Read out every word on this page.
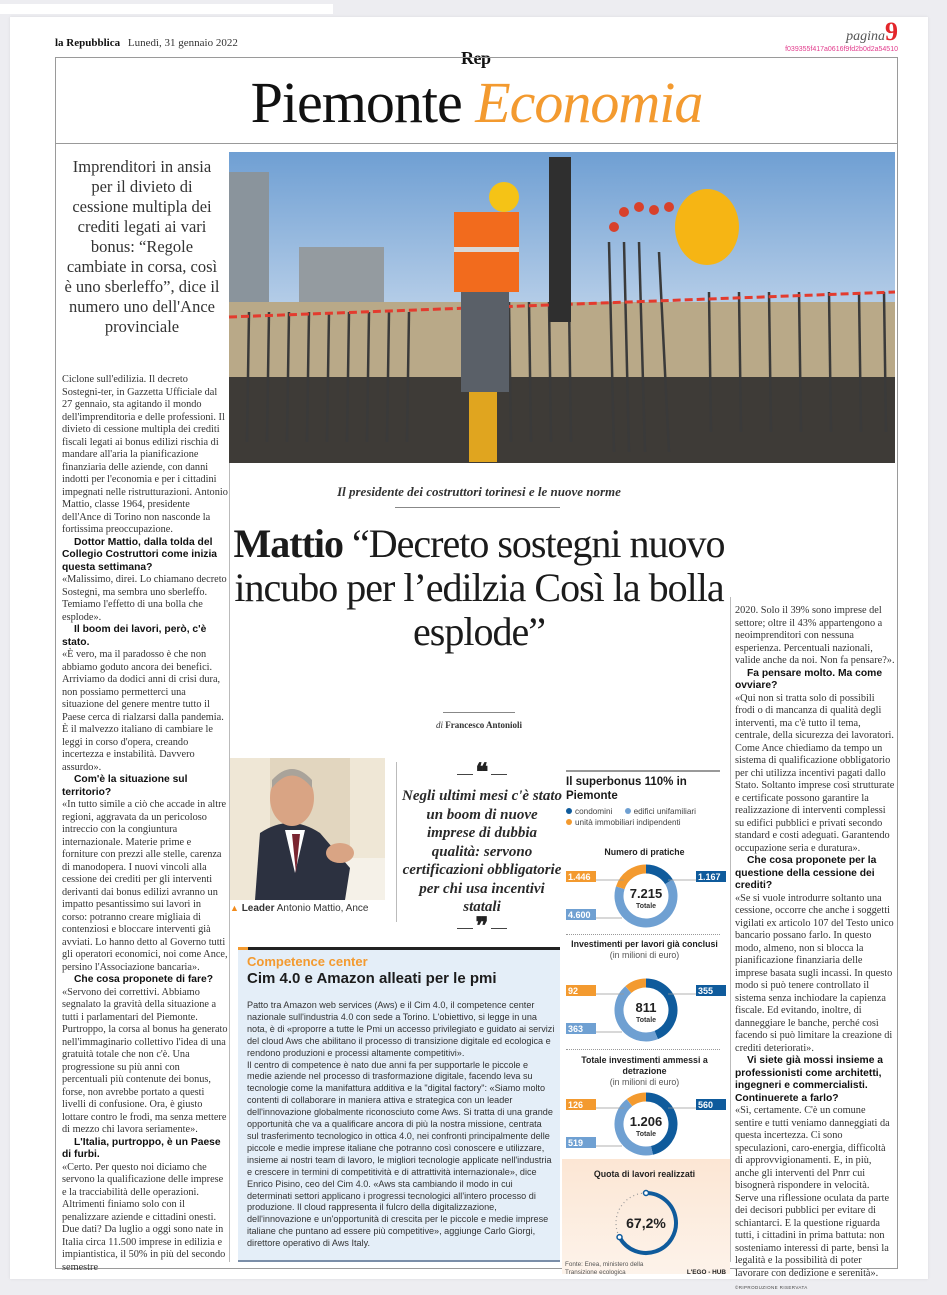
la Repubblica Lunedì, 31 gennaio 2022	pagina9
f039355f417a0616f9fd2b0d2a54510
Rep
Piemonte Economia
Imprenditori in ansia per il divieto di cessione multipla dei crediti legati ai vari bonus: “Regole cambiate in corsa, così è uno sberleffo”, dice il numero uno dell'Ance provinciale

Ciclone sull'edilizia. Il decreto Sostegni-ter, in Gazzetta Ufficiale dal 27 gennaio, sta agitando il mondo dell'imprenditoria e delle professioni. Il divieto di cessione multipla dei crediti fiscali legati ai bonus edilizi rischia di mandare all'aria la pianificazione finanziaria delle aziende, con danni indotti per l'economia e per i cittadini impegnati nelle ristrutturazioni. Antonio Mattio, classe 1964, presidente dell'Ance di Torino non nasconde la fortissima preoccupazione.

Dottor Mattio, dalla tolda del Collegio Costruttori come inizia questa settimana?

«Malissimo, direi. Lo chiamano decreto Sostegni, ma sembra uno sberleffo. Temiamo l'effetto di una bolla che esplode».

Il boom dei lavori, però, c'è stato.

«È vero, ma il paradosso è che non abbiamo goduto ancora dei benefici. Arriviamo da dodici anni di crisi dura, non possiamo permetterci una situazione del genere mentre tutto il Paese cerca di rialzarsi dalla pandemia. È il malvezzo italiano di cambiare le leggi in corso d'opera, creando incertezza e instabilità. Davvero assurdo».

Com'è la situazione sul territorio?

«In tutto simile a ciò che accade in altre regioni, aggravata da un pericoloso intreccio con la congiuntura internazionale. Materie prime e forniture con prezzi alle stelle, carenza di manodopera. I nuovi vincoli alla cessione dei crediti per gli interventi derivanti dai bonus edilizi avranno un impatto pesantissimo sui lavori in corso: potranno creare migliaia di contenziosi e bloccare interventi già avviati. Lo hanno detto al Governo tutti gli operatori economici, noi come Ance, persino l'Associazione bancaria».

Che cosa proponete di fare?

«Servono dei correttivi. Abbiamo segnalato la gravità della situazione a tutti i parlamentari del Piemonte. Purtroppo, la corsa al bonus ha generato nell'immaginario collettivo l'idea di una gratuità totale che non c'è. Una progressione su più anni con percentuali più contenute dei bonus, forse, non avrebbe portato a questi livelli di confusione. Ora, è giusto lottare contro le frodi, ma senza mettere di mezzo chi lavora seriamente».

L'Italia, purtroppo, è un Paese di furbi.

«Certo. Per questo noi diciamo che servono la qualificazione delle imprese e la tracciabilità delle operazioni. Altrimenti finiamo solo con il penalizzare aziende e cittadini onesti. Due dati? Da luglio a oggi sono nate in Italia circa 11.500 imprese in edilizia e impiantistica, il 50% in più del secondo semestre

Il presidente dei costruttori torinesi e le nuove norme
Mattio “Decreto sostegni nuovo incubo per l’edilzia Così la bolla esplode”
di Francesco Antonioli
▲ Leader Antonio Mattio, Ance
❝
Negli ultimi mesi c'è stato un boom di nuove imprese di dubbia qualità: servono certificazioni obbligatorie per chi usa incentivi statali
❞
Competence center
Cim 4.0 e Amazon alleati per le pmi

Patto tra Amazon web services (Aws) e il Cim 4.0, il competence center nazionale sull'industria 4.0 con sede a Torino. L'obiettivo, si legge in una nota, è di «proporre a tutte le Pmi un accesso privilegiato e guidato ai servizi del cloud Aws che abilitano il processo di transizione digitale ed ecologica e rendono produzioni e processi altamente competitivi».

Il centro di competence è nato due anni fa per supportarle le piccole e medie aziende nel processo di trasformazione digitale, facendo leva su tecnologie come la manifattura additiva e la "digital factory": «Siamo molto contenti di collaborare in maniera attiva e strategica con un leader dell'innovazione globalmente riconosciuto come Aws. Si tratta di una grande opportunità che va a qualificare ancora di più la nostra missione, centrata sul trasferimento tecnologico in ottica 4.0, nei confronti principalmente delle piccole e medie imprese italiane che potranno così conoscere e utilizzare, insieme ai nostri team di lavoro, le migliori tecnologie applicate nell'industria e crescere in termini di competitività e di attrattività internazionale», dice Enrico Pisino, ceo del Cim 4.0. «Aws sta cambiando il modo in cui determinati settori applicano i progressi tecnologici all'intero processo di produzione. Il cloud rappresenta il fulcro della digitalizzazione, dell'innovazione e un'opportunità di crescita per le piccole e medie imprese italiane che puntano ad essere più competitive», aggiunge Carlo Giorgi, direttore operativo di Aws Italy.

Il superbonus 110% in Piemonte
condomini	edifici unifamiliari
unità immobiliari indipendenti
Numero di pratiche
7.215
Totale
1.167
4.600
1.446
Investimenti per lavori già conclusi
(in milioni di euro)
811
Totale
355
363
92
Totale investimenti ammessi a detrazione
(in milioni di euro)
1.206
Totale
560
519
126
Quota di lavori realizzati
67,2%
Fonte: Enea, ministero della Transizione ecologica	L'EGO - HUB

2020. Solo il 39% sono imprese del settore; oltre il 43% appartengono a neoimprenditori con nessuna esperienza. Percentuali nazionali, valide anche da noi. Non fa pensare?».

Fa pensare molto. Ma come ovviare?

«Qui non si tratta solo di possibili frodi o di mancanza di qualità degli interventi, ma c'è tutto il tema, centrale, della sicurezza dei lavoratori. Come Ance chiediamo da tempo un sistema di qualificazione obbligatorio per chi utilizza incentivi pagati dallo Stato. Soltanto imprese così strutturate e certificate possono garantire la realizzazione di interventi complessi su edifici pubblici e privati secondo standard e costi adeguati. Garantendo occupazione seria e duratura».

Che cosa proponete per la questione della cessione dei crediti?

«Se si vuole introdurre soltanto una cessione, occorre che anche i soggetti vigilati ex articolo 107 del Testo unico bancario possano farlo. In questo modo, almeno, non si blocca la pianificazione finanziaria delle imprese basata sugli incassi. In questo modo si può tenere controllato il sistema senza inchiodare la capienza fiscale. Ed evitando, inoltre, di danneggiare le banche, perché così facendo si può limitare la creazione di crediti deteriorati».

Vi siete già mossi insieme a professionisti come architetti, ingegneri e commercialisti. Continuerete a farlo?

«Sì, certamente. C'è un comune sentire e tutti veniamo danneggiati da questa incertezza. Ci sono speculazioni, caro-energia, difficoltà di approvvigionamenti. E, in più, anche gli interventi del Pnrr cui bisognerà rispondere in velocità. Serve una riflessione oculata da parte dei decisori pubblici per evitare di schiantarci. E la questione riguarda tutti, i cittadini in prima battuta: non sosteniamo interessi di parte, bensì la legalità e la possibilità di poter lavorare con dedizione e serenità».

©RIPRODUZIONE RISERVATA
